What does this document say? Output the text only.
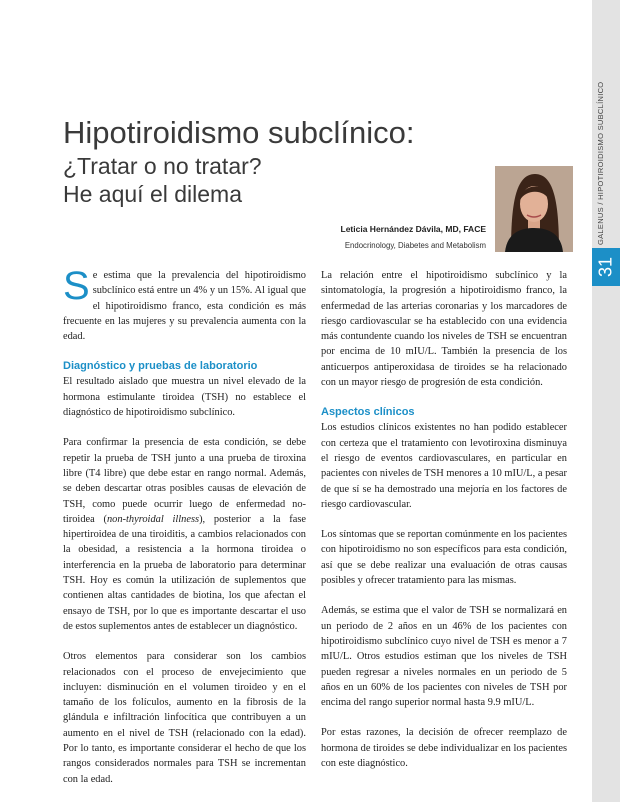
GALENUS / HIPOTIROIDISMO SUBCLÍNICO
31
Hipotiroidismo subclínico:
¿Tratar o no tratar?
He aquí el dilema
Leticia Hernández Dávila, MD, FACE
Endocrinology, Diabetes and Metabolism

Se estima que la prevalencia del hipotiroidismo subclínico está entre un 4% y un 15%. Al igual que el hipotiroidismo franco, esta condición es más frecuente en las mujeres y su prevalencia aumenta con la edad.

Diagnóstico y pruebas de laboratorio

El resultado aislado que muestra un nivel elevado de la hormona estimulante tiroidea (TSH) no establece el diagnóstico de hipotiroidismo subclínico.

Para confirmar la presencia de esta condición, se debe repetir la prueba de TSH junto a una prueba de tiroxina libre (T4 libre) que debe estar en rango normal. Además, se deben descartar otras posibles causas de elevación de TSH, como puede ocurrir luego de enfermedad no-tiroidea (non-thyroidal illness), posterior a la fase hipertiroidea de una tiroiditis, a cambios relacionados con la obesidad, a resistencia a la hormona tiroidea o interferencia en la prueba de laboratorio para determinar TSH. Hoy es común la utilización de suplementos que contienen altas cantidades de biotina, los que afectan el ensayo de TSH, por lo que es importante descartar el uso de estos suplementos antes de establecer un diagnóstico.

Otros elementos para considerar son los cambios relacionados con el proceso de envejecimiento que incluyen: disminución en el volumen tiroideo y en el tamaño de los folículos, aumento en la fibrosis de la glándula e infiltración linfocítica que contribuyen a un aumento en el nivel de TSH (relacionado con la edad). Por lo tanto, es importante considerar el hecho de que los rangos considerados normales para TSH se incrementan con la edad.

La relación entre el hipotiroidismo subclínico y la sintomatología, la progresión a hipotiroidismo franco, la enfermedad de las arterias coronarias y los marcadores de riesgo cardiovascular se ha establecido con una evidencia más contundente cuando los niveles de TSH se encuentran por encima de 10 mIU/L. También la presencia de los anticuerpos antiperoxidasa de tiroides se ha relacionado con un mayor riesgo de progresión de esta condición.

Aspectos clínicos

Los estudios clínicos existentes no han podido establecer con certeza que el tratamiento con levotiroxina disminuya el riesgo de eventos cardiovasculares, en particular en pacientes con niveles de TSH menores a 10 mIU/L, a pesar de que sí se ha demostrado una mejoría en los factores de riesgo cardiovascular.

Los síntomas que se reportan comúnmente en los pacientes con hipotiroidismo no son específicos para esta condición, así que se debe realizar una evaluación de otras causas posibles y ofrecer tratamiento para las mismas.

Además, se estima que el valor de TSH se normalizará en un periodo de 2 años en un 46% de los pacientes con hipotiroidismo subclínico cuyo nivel de TSH es menor a 7 mIU/L. Otros estudios estiman que los niveles de TSH pueden regresar a niveles normales en un periodo de 5 años en un 60% de los pacientes con niveles de TSH por encima del rango superior normal hasta 9.9 mIU/L.

Por estas razones, la decisión de ofrecer reemplazo de hormona de tiroides se debe individualizar en los pacientes con este diagnóstico.
